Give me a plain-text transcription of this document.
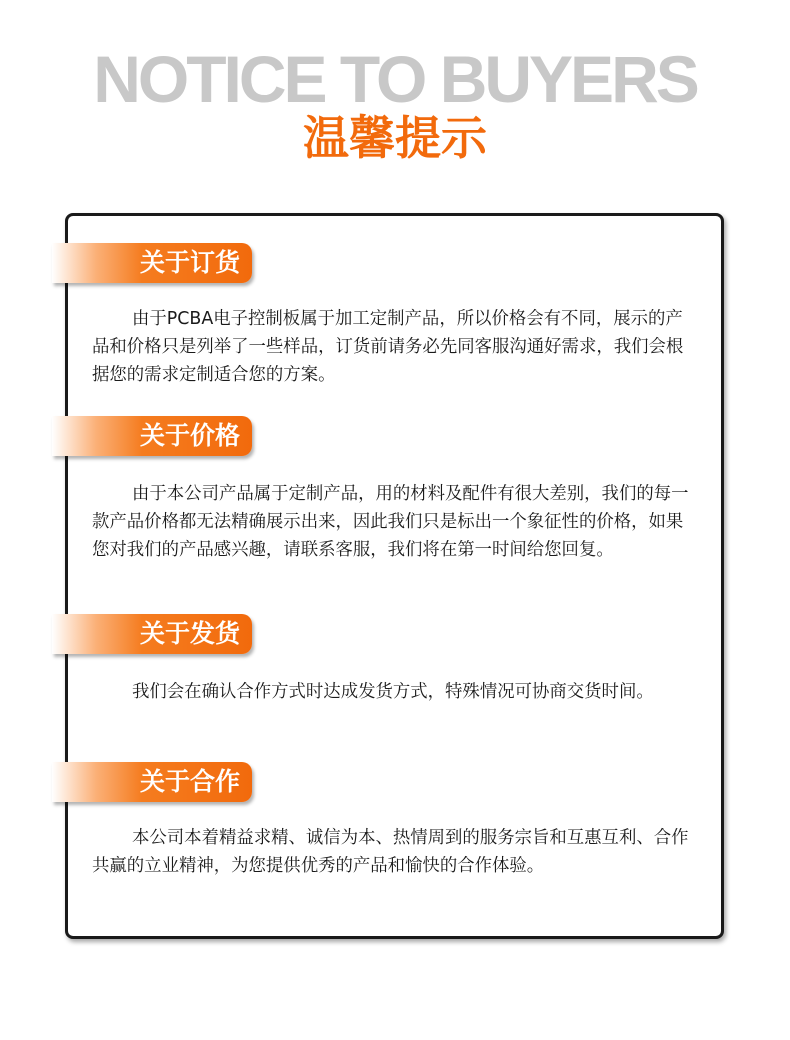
NOTICE TO BUYERS
温馨提示
关于订货
由于PCBA电子控制板属于加工定制产品，所以价格会有不同，展示的产品和价格只是列举了一些样品，订货前请务必先同客服沟通好需求，我们会根据您的需求定制适合您的方案。
关于价格
由于本公司产品属于定制产品，用的材料及配件有很大差别，我们的每一款产品价格都无法精确展示出来，因此我们只是标出一个象征性的价格，如果您对我们的产品感兴趣，请联系客服，我们将在第一时间给您回复。
关于发货
我们会在确认合作方式时达成发货方式，特殊情况可协商交货时间。
关于合作
本公司本着精益求精、诚信为本、热情周到的服务宗旨和互惠互利、合作共赢的立业精神，为您提供优秀的产品和愉快的合作体验。
